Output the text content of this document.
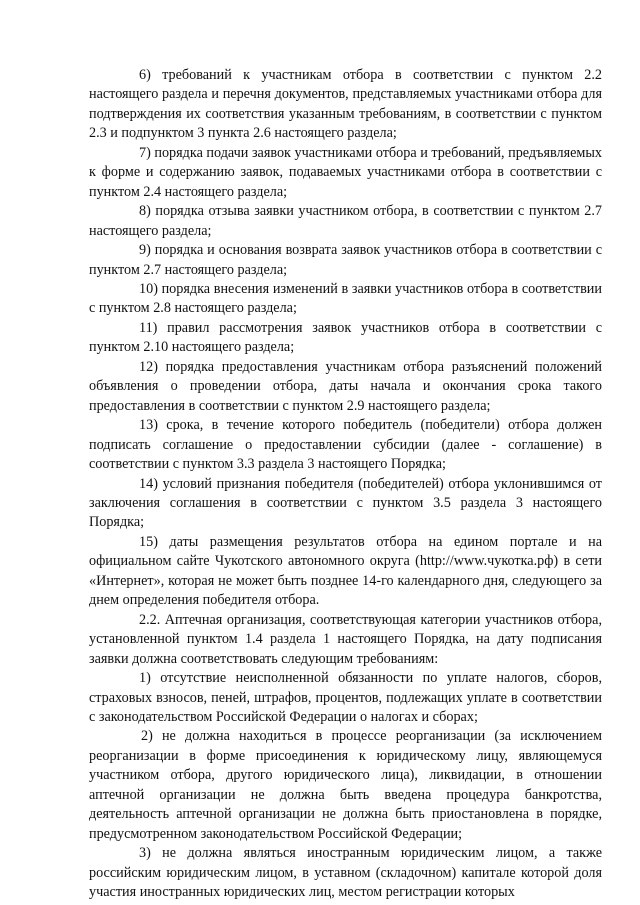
6) требований к участникам отбора в соответствии с пунктом 2.2 настоящего раздела и перечня документов, представляемых участниками отбора для подтверждения их соответствия указанным требованиям, в соответствии с пунктом 2.3 и подпунктом 3 пункта 2.6 настоящего раздела;

7) порядка подачи заявок участниками отбора и требований, предъявляемых к форме и содержанию заявок, подаваемых участниками отбора в соответствии с пунктом 2.4 настоящего раздела;

8) порядка отзыва заявки участником отбора, в соответствии с пунктом 2.7 настоящего раздела;

9) порядка и основания возврата заявок участников отбора в соответствии с пунктом 2.7 настоящего раздела;

10) порядка внесения изменений в заявки участников отбора в соответствии с пунктом 2.8 настоящего раздела;

11) правил рассмотрения заявок участников отбора в соответствии с пунктом 2.10 настоящего раздела;

12) порядка предоставления участникам отбора разъяснений положений объявления о проведении отбора, даты начала и окончания срока такого предоставления в соответствии с пунктом 2.9 настоящего раздела;

13) срока, в течение которого победитель (победители) отбора должен подписать соглашение о предоставлении субсидии (далее - соглашение) в соответствии с пунктом 3.3 раздела 3 настоящего Порядка;

14) условий признания победителя (победителей) отбора уклонившимся от заключения соглашения в соответствии с пунктом 3.5 раздела 3 настоящего Порядка;

15) даты размещения результатов отбора на едином портале и на официальном сайте Чукотского автономного округа (http://www.чукотка.рф) в сети «Интернет», которая не может быть позднее 14-го календарного дня, следующего за днем определения победителя отбора.

2.2. Аптечная организация, соответствующая категории участников отбора, установленной пунктом 1.4 раздела 1 настоящего Порядка, на дату подписания заявки должна соответствовать следующим требованиям:

1) отсутствие неисполненной обязанности по уплате налогов, сборов, страховых взносов, пеней, штрафов, процентов, подлежащих уплате в соответствии с законодательством Российской Федерации о налогах и сборах;

2) не должна находиться в процессе реорганизации (за исключением реорганизации в форме присоединения к юридическому лицу, являющемуся участником отбора, другого юридического лица), ликвидации, в отношении аптечной организации не должна быть введена процедура банкротства, деятельность аптечной организации не должна быть приостановлена в порядке, предусмотренном законодательством Российской Федерации;

3) не должна являться иностранным юридическим лицом, а также российским юридическим лицом, в уставном (складочном) капитале которой доля участия иностранных юридических лиц, местом регистрации которых
